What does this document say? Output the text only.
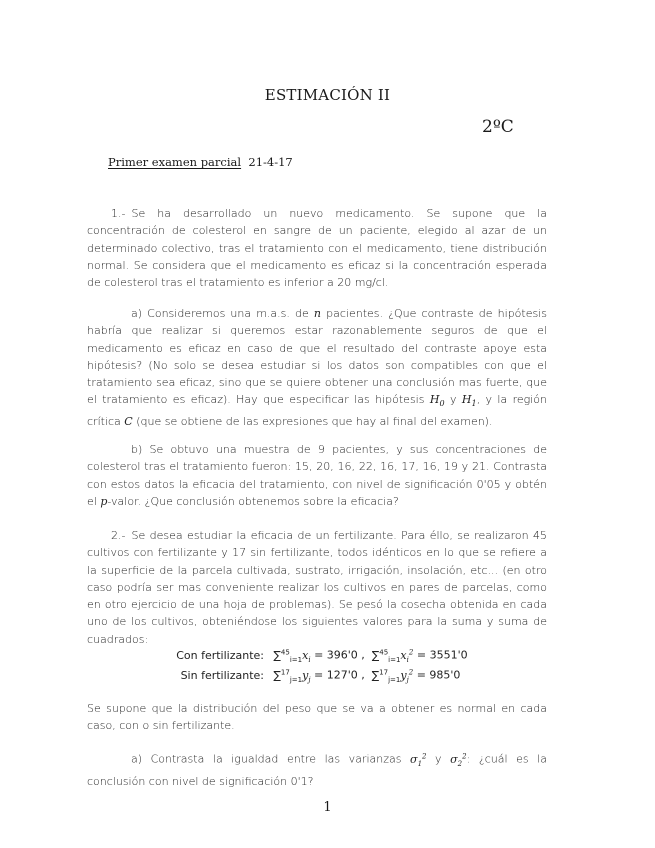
ESTIMACIÓN II

2ºC

Primer examen parcial 21-4-17

1.- Se ha desarrollado un nuevo medicamento. Se supone que la concentración de colesterol en sangre de un paciente, elegido al azar de un determinado colectivo, tras el tratamiento con el medicamento, tiene distribución normal. Se considera que el medicamento es eficaz si la concentración esperada de colesterol tras el tratamiento es inferior a 20 mg/cl.

a) Consideremos una m.a.s. de n pacientes. ¿Que contraste de hipótesis habría que realizar si queremos estar razonablemente seguros de que el medicamento es eficaz en caso de que el resultado del contraste apoye esta hipótesis? (No solo se desea estudiar si los datos son compatibles con que el tratamiento sea eficaz, sino que se quiere obtener una conclusión mas fuerte, que el tratamiento es eficaz). Hay que especificar las hipótesis $H_0$ y $H_1$, y la región crítica C (que se obtiene de las expresiones que hay al final del examen).

b) Se obtuvo una muestra de 9 pacientes, y sus concentraciones de colesterol tras el tratamiento fueron: 15, 20, 16, 22, 16, 17, 16, 19 y 21. Contrasta con estos datos la eficacia del tratamiento, con nivel de significación 0'05 y obtén el p-valor. ¿Que conclusión obtenemos sobre la eficacia?

2.- Se desea estudiar la eficacia de un fertilizante. Para éllo, se realizaron 45 cultivos con fertilizante y 17 sin fertilizante, todos idénticos en lo que se refiere a la superficie de la parcela cultivada, sustrato, irrigación, insolación, etc... (en otro caso podría ser mas conveniente realizar los cultivos en pares de parcelas, como en otro ejercicio de una hoja de problemas). Se pesó la cosecha obtenida en cada uno de los cultivos, obteniéndose los siguientes valores para la suma y suma de cuadrados:

Con fertilizante: $\sum^{45}_{i=1}x_i = 396'0$ , $\sum^{45}_{i=1}x_i^2 = 3551'0$

Sin fertilizante: $\sum^{17}_{j=1}y_j = 127'0$ , $\sum^{17}_{j=1}y_j^2 = 985'0$

Se supone que la distribución del peso que se va a obtener es normal en cada caso, con o sin fertilizante.

a) Contrasta la igualdad entre las varianzas $\sigma_1^2$ y $\sigma_2^2$: ¿cuál es la conclusión con nivel de significación 0'1?

1
